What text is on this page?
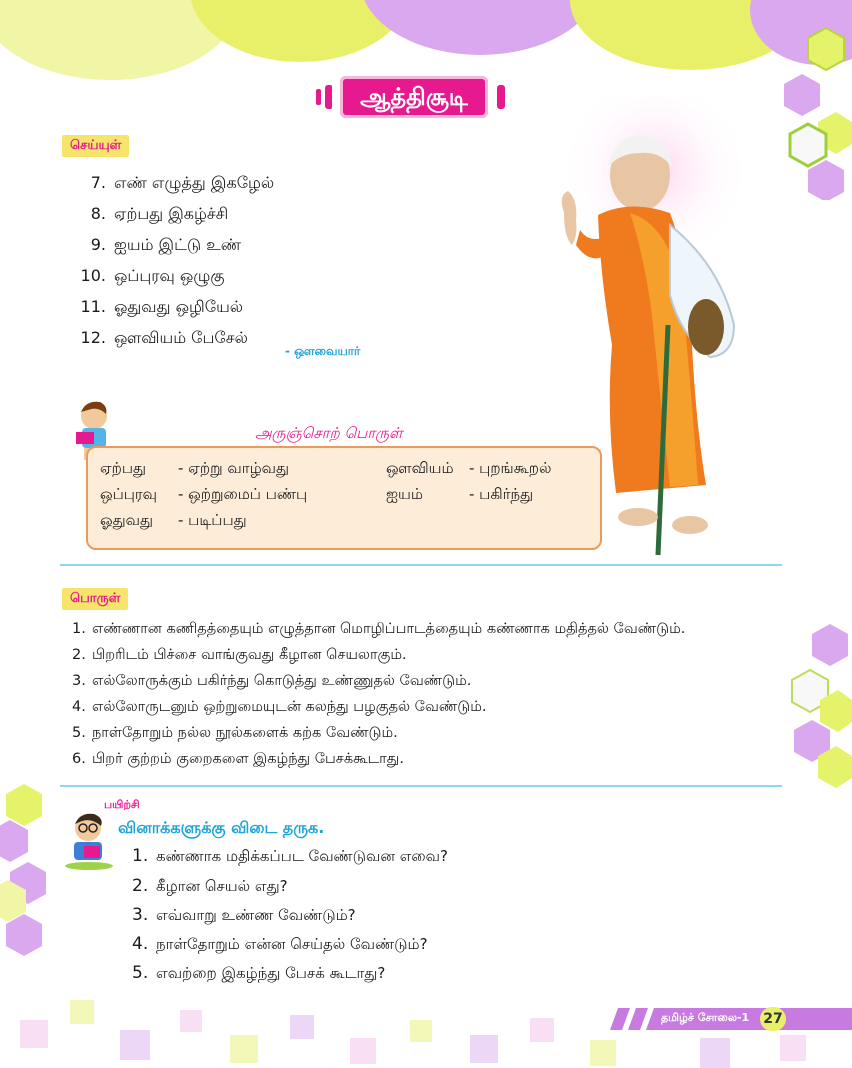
ஆத்திசூடி
செய்யுள்
7. எண் எழுத்து இகழேல்
8. ஏற்பது இகழ்ச்சி
9. ஐயம் இட்டு உண்
10. ஒப்புரவு ஒழுகு
11. ஓதுவது ஒழியேல்
12. ஔவியம் பேசேல்
- ஔவையார்
அருஞ்சொற் பொருள்
ஏற்பது - ஏற்று வாழ்வது	ஔவியம் - புறங்கூறல்
ஒப்புரவு - ஒற்றுமைப் பண்பு	ஐயம்	- பகிர்ந்து
ஓதுவது - படிப்பது
பொருள்
1. எண்ணான கணிதத்தையும் எழுத்தான மொழிப்பாடத்தையும் கண்ணாக மதித்தல் வேண்டும்.
2. பிறரிடம் பிச்சை வாங்குவது கீழான செயலாகும்.
3. எல்லோருக்கும் பகிர்ந்து கொடுத்து உண்ணுதல் வேண்டும்.
4. எல்லோருடனும் ஒற்றுமையுடன் கலந்து பழகுதல் வேண்டும்.
5. நாள்தோறும் நல்ல நூல்களைக் கற்க வேண்டும்.
6. பிறர் குற்றம் குறைகளை இகழ்ந்து பேசக்கூடாது.
பயிற்சி
வினாக்களுக்கு விடை தருக.
1. கண்ணாக மதிக்கப்பட வேண்டுவன எவை?
2. கீழான செயல் எது?
3. எவ்வாறு உண்ண வேண்டும்?
4. நாள்தோறும் என்ன செய்தல் வேண்டும்?
5. எவற்றை இகழ்ந்து பேசக் கூடாது?
தமிழ்ச் சோலை-1 27
